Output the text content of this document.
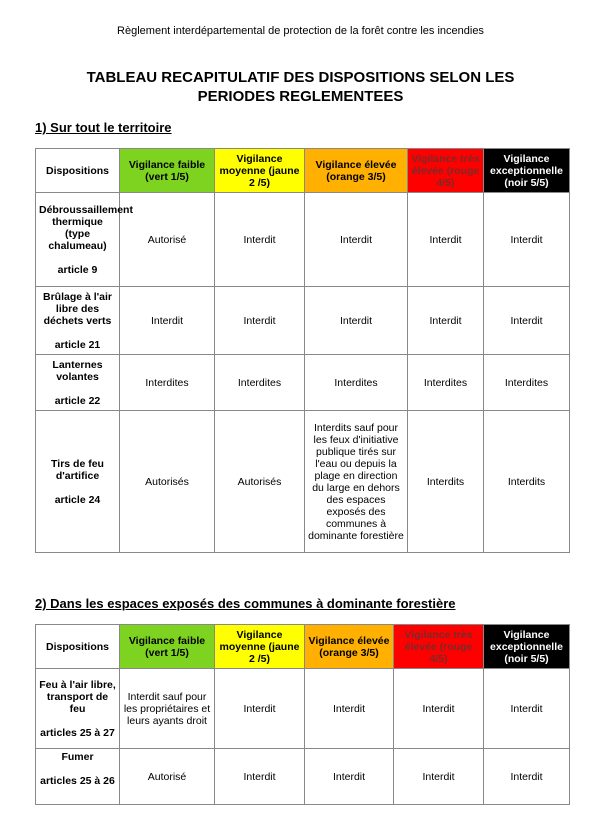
Règlement interdépartemental de protection de la forêt contre les incendies
TABLEAU RECAPITULATIF DES DISPOSITIONS SELON LES
PERIODES REGLEMENTEES
1) Sur tout le territoire
Dispositions	Vigilance faible (vert 1/5)	Vigilance moyenne (jaune 2 /5)	Vigilance élevée (orange 3/5)	Vigilance très élevée (rouge 4/5)	Vigilance exceptionnelle (noir 5/5)
Débroussaillement thermique (type chalumeau)
article 9	Autorisé	Interdit	Interdit	Interdit	Interdit
Brûlage à l'air libre des déchets verts
article 21	Interdit	Interdit	Interdit	Interdit	Interdit
Lanternes volantes
article 22	Interdites	Interdites	Interdites	Interdites	Interdites
Tirs de feu d'artifice
article 24	Autorisés	Autorisés	Interdits sauf pour les feux d'initiative publique tirés sur l'eau ou depuis la plage en direction du large en dehors des espaces exposés des communes à dominante forestière	Interdits	Interdits
2) Dans les espaces exposés des communes à dominante forestière
Dispositions	Vigilance faible (vert 1/5)	Vigilance moyenne (jaune 2 /5)	Vigilance élevée (orange 3/5)	Vigilance très élevée (rouge 4/5)	Vigilance exceptionnelle (noir 5/5)
Feu à l'air libre, transport de feu
articles 25 à 27	Interdit sauf pour les propriétaires et leurs ayants droit	Interdit	Interdit	Interdit	Interdit
Fumer
articles 25 à 26	Autorisé	Interdit	Interdit	Interdit	Interdit
